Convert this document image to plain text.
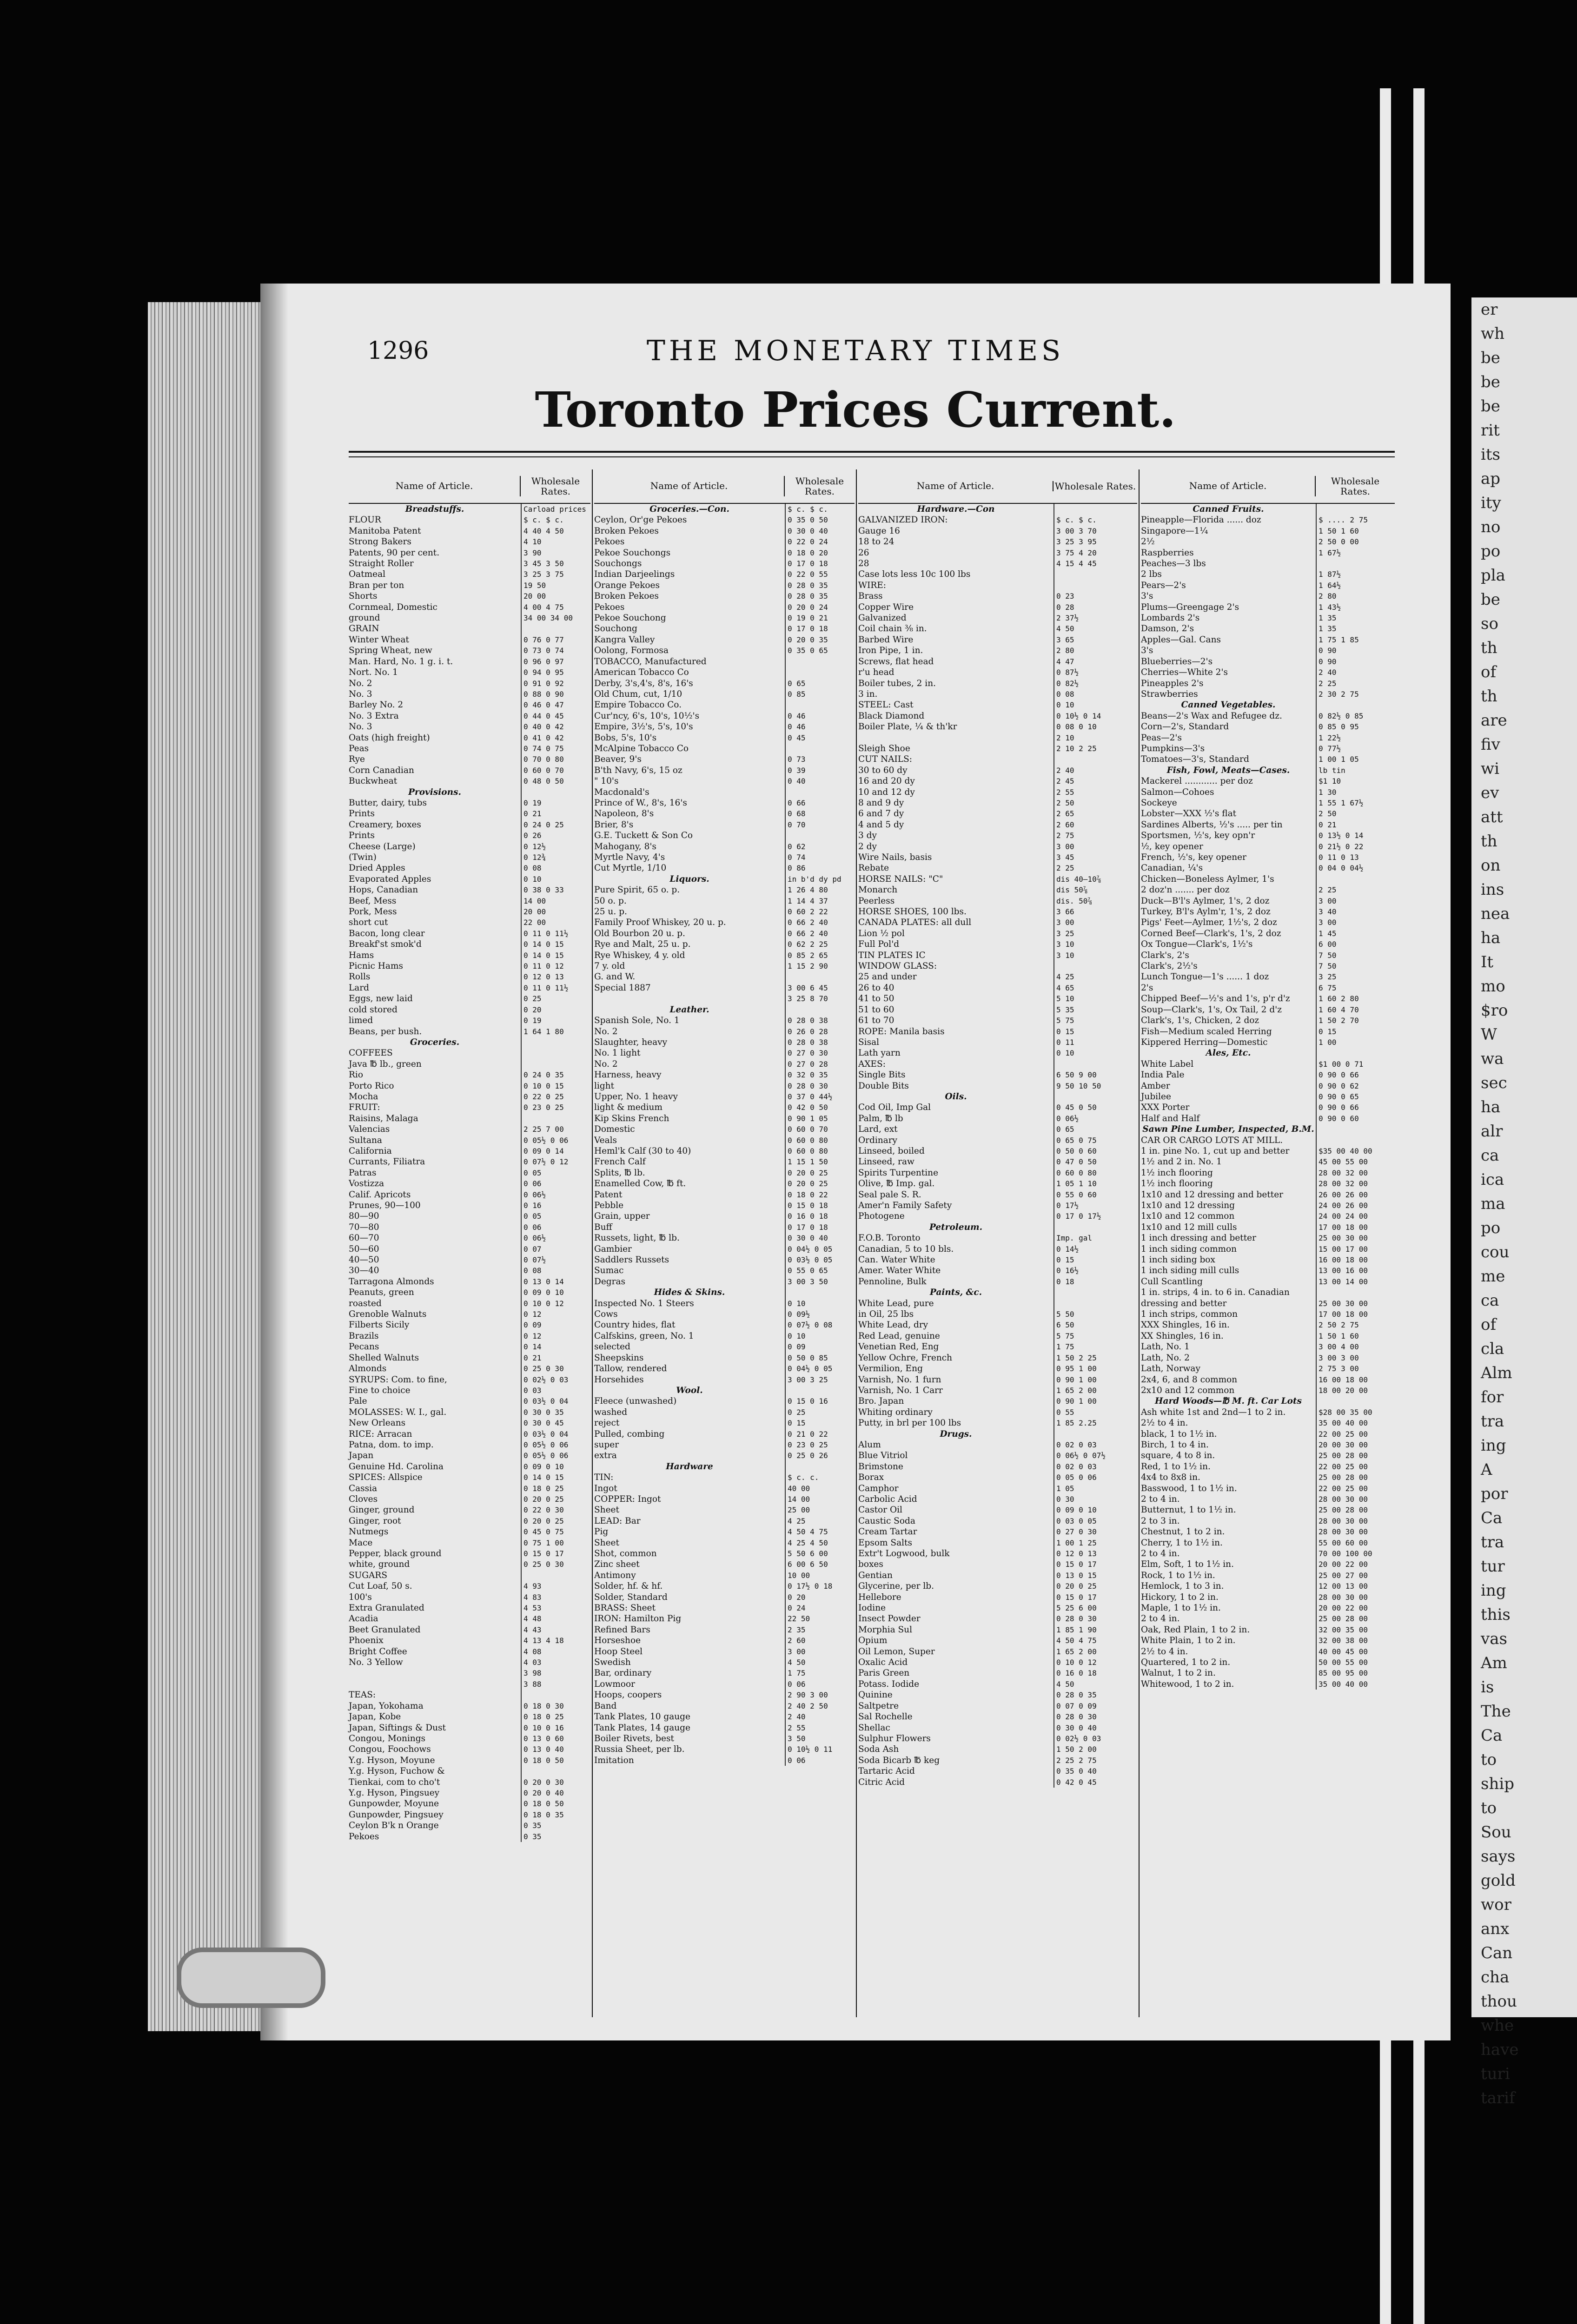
er
wh
be
be
be
rit
its
ap
ity
no
po
pla
be
so
th
of
th
are
fiv
wi
ev
att
th
on
ins
nea
ha
It
mo
$ro
W
wa
sec
ha
alr
ca
ica
ma
po
cou
me
ca
of
cla
Alm
for
tra
ing
A
por
Ca
tra
tur
ing
this
vas
Am
is
The
Ca
to
ship
to
Sou
says
gold
wor
anx
Can
cha
thou
whe
have
turi
tarif
1296	THE MONETARY TIMES
Toronto Prices Current.
Name of Article.	Wholesale Rates.
Breadstuffs.	Carload prices
FLOUR	$ c. $ c.
Manitoba Patent	4 40 4 50
Strong Bakers	4 10
Patents, 90 per cent.	3 90
Straight Roller	3 45 3 50
Oatmeal	3 25 3 75
Bran per ton	19 50
Shorts	20 00
Cornmeal, Domestic	4 00 4 75
ground	34 00 34 00
GRAIN
Winter Wheat	0 76 0 77
Spring Wheat, new	0 73 0 74
Man. Hard, No. 1 g. i. t.	0 96 0 97
Nort. No. 1	0 94 0 95
No. 2	0 91 0 92
No. 3	0 88 0 90
Barley No. 2	0 46 0 47
No. 3 Extra	0 44 0 45
No. 3	0 40 0 42
Oats (high freight)	0 41 0 42
Peas	0 74 0 75
Rye	0 70 0 80
Corn Canadian	0 60 0 70
Buckwheat	0 48 0 50
Provisions.
Butter, dairy, tubs	0 19
Prints	0 21
Creamery, boxes	0 24 0 25
Prints	0 26
Cheese (Large)	0 12½
(Twin)	0 12¾
Dried Apples	0 08
Evaporated Apples	0 10
Hops, Canadian	0 38 0 33
Beef, Mess	14 00
Pork, Mess	20 00
short cut	22 00
Bacon, long clear	0 11 0 11½
Breakf'st smok'd	0 14 0 15
Hams	0 14 0 15
Picnic Hams	0 11 0 12
Rolls	0 12 0 13
Lard	0 11 0 11½
Eggs, new laid	0 25
cold stored	0 20
limed	0 19
Beans, per bush.	1 64 1 80
Groceries.
COFFEES
Java ℔ lb., green
Rio	0 24 0 35
Porto Rico	0 10 0 15
Mocha	0 22 0 25
FRUIT:	0 23 0 25
Raisins, Malaga
Valencias	2 25 7 00
Sultana	0 05½ 0 06
California	0 09 0 14
Currants, Filiatra	0 07½ 0 12
Patras	0 05
Vostizza	0 06
Calif. Apricots	0 06½
Prunes, 90—100	0 16
80—90	0 05
70—80	0 06
60—70	0 06½
50—60	0 07
40—50	0 07½
30—40	0 08
Tarragona Almonds	0 13 0 14
Peanuts, green	0 09 0 10
roasted	0 10 0 12
Grenoble Walnuts	0 12
Filberts Sicily	0 09
Brazils	0 12
Pecans	0 14
Shelled Walnuts	0 21
Almonds	0 25 0 30
SYRUPS: Com. to fine,	0 02½ 0 03
Fine to choice	0 03
Pale	0 03½ 0 04
MOLASSES: W. I., gal.	0 30 0 35
New Orleans	0 30 0 45
RICE: Arracan	0 03½ 0 04
Patna, dom. to imp.	0 05½ 0 06
Japan	0 05½ 0 06
Genuine Hd. Carolina	0 09 0 10
SPICES: Allspice	0 14 0 15
Cassia	0 18 0 25
Cloves	0 20 0 25
Ginger, ground	0 22 0 30
Ginger, root	0 20 0 25
Nutmegs	0 45 0 75
Mace	0 75 1 00
Pepper, black ground	0 15 0 17
white, ground	0 25 0 30
SUGARS
Cut Loaf, 50 s.	4 93
100's	4 83
Extra Granulated	4 53
Acadia	4 48
Beet Granulated	4 43
Phoenix	4 13 4 18
Bright Coffee	4 08
No. 3 Yellow	4 03
3 98
3 88
TEAS:
Japan, Yokohama	0 18 0 30
Japan, Kobe	0 18 0 25
Japan, Siftings & Dust	0 10 0 16
Congou, Monings	0 13 0 60
Congou, Foochows	0 13 0 40
Y.g. Hyson, Moyune	0 18 0 50
Y.g. Hyson, Fuchow &
Tienkai, com to cho't	0 20 0 30
Y.g. Hyson, Pingsuey	0 20 0 40
Gunpowder, Moyune	0 18 0 50
Gunpowder, Pingsuey	0 18 0 35
Ceylon B'k n Orange	0 35
Pekoes	0 35
Name of Article.	Wholesale Rates.
Groceries.—Con.	$ c. $ c.
Ceylon, Or'ge Pekoes	0 35 0 50
Broken Pekoes	0 30 0 40
Pekoes	0 22 0 24
Pekoe Souchongs	0 18 0 20
Souchongs	0 17 0 18
Indian Darjeelings	0 22 0 55
Orange Pekoes	0 28 0 35
Broken Pekoes	0 28 0 35
Pekoes	0 20 0 24
Pekoe Souchong	0 19 0 21
Souchong	0 17 0 18
Kangra Valley	0 20 0 35
Oolong, Formosa	0 35 0 65
TOBACCO, Manufactured
American Tobacco Co
Derby, 3's,4's, 8's, 16's	0 65
Old Chum, cut, 1/10	0 85
Empire Tobacco Co.
Cur'ncy, 6's, 10's, 10½'s	0 46
Empire, 3½'s, 5's, 10's	0 46
Bobs, 5's, 10's	0 45
McAlpine Tobacco Co
Beaver, 9's	0 73
B'th Navy, 6's, 15 oz	0 39
" 10's	0 40
Macdonald's
Prince of W., 8's, 16's	0 66
Napoleon, 8's	0 68
Brier, 8's	0 70
G.E. Tuckett & Son Co
Mahogany, 8's	0 62
Myrtle Navy, 4's	0 74
Cut Myrtle, 1/10	0 86
Liquors.	in b'd dy pd
Pure Spirit, 65 o. p.	1 26 4 80
50 o. p.	1 14 4 37
25 u. p.	0 60 2 22
Family Proof Whiskey, 20 u. p.	0 66 2 40
Old Bourbon 20 u. p.	0 66 2 40
Rye and Malt, 25 u. p.	0 62 2 25
Rye Whiskey, 4 y. old	0 85 2 65
7 y. old	1 15 2 90
G. and W.
Special 1887	3 00 6 45
3 25 8 70
Leather.
Spanish Sole, No. 1	0 28 0 38
No. 2	0 26 0 28
Slaughter, heavy	0 28 0 38
No. 1 light	0 27 0 30
No. 2	0 27 0 28
Harness, heavy	0 32 0 35
light	0 28 0 30
Upper, No. 1 heavy	0 37 0 44½
light & medium	0 42 0 50
Kip Skins French	0 90 1 05
Domestic	0 60 0 70
Veals	0 60 0 80
Heml'k Calf (30 to 40)	0 60 0 80
French Calf	1 15 1 50
Splits, ℔ lb.	0 20 0 25
Enamelled Cow, ℔ ft.	0 20 0 25
Patent	0 18 0 22
Pebble	0 15 0 18
Grain, upper	0 16 0 18
Buff	0 17 0 18
Russets, light, ℔ lb.	0 30 0 40
Gambier	0 04½ 0 05
Saddlers Russets	0 03½ 0 05
Sumac	0 55 0 65
Degras	3 00 3 50
Hides & Skins.
Inspected No. 1 Steers	0 10
Cows	0 09½
Country hides, flat	0 07½ 0 08
Calfskins, green, No. 1	0 10
selected	0 09
Sheepskins	0 50 0 85
Tallow, rendered	0 04½ 0 05
Horsehides	3 00 3 25
Wool.
Fleece (unwashed)	0 15 0 16
washed	0 25
reject	0 15
Pulled, combing	0 21 0 22
super	0 23 0 25
extra	0 25 0 26
Hardware
TIN:	$ c. c.
Ingot	40 00
COPPER: Ingot	14 00
Sheet	25 00
LEAD: Bar	4 25
Pig	4 50 4 75
Sheet	4 25 4 50
Shot, common	5 50 6 00
Zinc sheet	6 00 6 50
Antimony	10 00
Solder, hf. & hf.	0 17½ 0 18
Solder, Standard	0 20
BRASS: Sheet	0 24
IRON: Hamilton Pig	22 50
Refined Bars	2 35
Horseshoe	2 60
Hoop Steel	3 00
Swedish	4 50
Bar, ordinary	1 75
Lowmoor	0 06
Hoops, coopers	2 90 3 00
Band	2 40 2 50
Tank Plates, 10 gauge	2 40
Tank Plates, 14 gauge	2 55
Boiler Rivets, best	3 50
Russia Sheet, per lb.	0 10½ 0 11
Imitation	0 06
Name of Article.	Wholesale Rates.
Hardware.—Con
GALVANIZED IRON:	$ c. $ c.
Gauge 16	3 00 3 70
18 to 24	3 25 3 95
26	3 75 4 20
28	4 15 4 45
Case lots less 10c 100 lbs
WIRE:
Brass	0 23
Copper Wire	0 28
Galvanized	2 37½
Coil chain ⅜ in.	4 50
Barbed Wire	3 65
Iron Pipe, 1 in.	2 80
Screws, flat head	4 47
r'u head	0 87½
Boiler tubes, 2 in.	0 82½
3 in.	0 08
STEEL: Cast	0 10
Black Diamond	0 10½ 0 14
Boiler Plate, ¼ & th'kr	0 08 0 10
2 10
Sleigh Shoe	2 10 2 25
CUT NAILS:
30 to 60 dy	2 40
16 and 20 dy	2 45
10 and 12 dy	2 55
8 and 9 dy	2 50
6 and 7 dy	2 65
4 and 5 dy	2 60
3 dy	2 75
2 dy	3 00
Wire Nails, basis	3 45
Rebate	2 25
HORSE NAILS: "C"	dis 40—10⅞
Monarch	dis 50⅞
Peerless	dis. 50⅞
HORSE SHOES, 100 lbs.	3 66
CANADA PLATES: all dull	3 00
Lion ½ pol	3 25
Full Pol'd	3 10
TIN PLATES IC	3 10
WINDOW GLASS:
25 and under	4 25
26 to 40	4 65
41 to 50	5 10
51 to 60	5 35
61 to 70	5 75
ROPE: Manila basis	0 15
Sisal	0 11
Lath yarn	0 10
AXES:
Single Bits	6 50 9 00
Double Bits	9 50 10 50
Oils.
Cod Oil, Imp Gal	0 45 0 50
Palm, ℔ lb	0 06½
Lard, ext	0 65
Ordinary	0 65 0 75
Linseed, boiled	0 50 0 60
Linseed, raw	0 47 0 50
Spirits Turpentine	0 60 0 80
Olive, ℔ Imp. gal.	1 05 1 10
Seal pale S. R.	0 55 0 60
Amer'n Family Safety	0 17½
Photogene	0 17 0 17½
Petroleum.
F.O.B. Toronto	Imp. gal
Canadian, 5 to 10 bls.	0 14½
Can. Water White	0 15
Amer. Water White	0 16½
Pennoline, Bulk	0 18
Paints, &c.
White Lead, pure
in Oil, 25 lbs	5 50
White Lead, dry	6 50
Red Lead, genuine	5 75
Venetian Red, Eng	1 75
Yellow Ochre, French	1 50 2 25
Vermilion, Eng	0 95 1 00
Varnish, No. 1 furn	0 90 1 00
Varnish, No. 1 Carr	1 65 2 00
Bro. Japan	0 90 1 00
Whiting ordinary	0 55
Putty, in brl per 100 lbs	1 85 2.25
Drugs.
Alum	0 02 0 03
Blue Vitriol	0 06½ 0 07½
Brimstone	0 02 0 03
Borax	0 05 0 06
Camphor	1 05
Carbolic Acid	0 30
Castor Oil	0 09 0 10
Caustic Soda	0 03 0 05
Cream Tartar	0 27 0 30
Epsom Salts	1 00 1 25
Extr't Logwood, bulk	0 12 0 13
boxes	0 15 0 17
Gentian	0 13 0 15
Glycerine, per lb.	0 20 0 25
Hellebore	0 15 0 17
Iodine	5 25 6 00
Insect Powder	0 28 0 30
Morphia Sul	1 85 1 90
Opium	4 50 4 75
Oil Lemon, Super	1 65 2 00
Oxalic Acid	0 10 0 12
Paris Green	0 16 0 18
Potass. Iodide	4 50
Quinine	0 28 0 35
Saltpetre	0 07 0 09
Sal Rochelle	0 28 0 30
Shellac	0 30 0 40
Sulphur Flowers	0 02½ 0 03
Soda Ash	1 50 2 00
Soda Bicarb ℔ keg	2 25 2 75
Tartaric Acid	0 35 0 40
Citric Acid	0 42 0 45
Name of Article.	Wholesale Rates.
Canned Fruits.
Pineapple—Florida ...... doz	$ .... 2 75
Singapore—1¼	1 50 1 60
2½	2 50 0 00
Raspberries	1 67½
Peaches—3 lbs
2 lbs	1 87½
Pears—2's	1 64½
3's	2 80
Plums—Greengage 2's	1 43½
Lombards 2's	1 35
Damson, 2's	1 35
Apples—Gal. Cans	1 75 1 85
3's	0 90
Blueberries—2's	0 90
Cherries—White 2's	2 40
Pineapples 2's	2 25
Strawberries	2 30 2 75
Canned Vegetables.
Beans—2's Wax and Refugee dz.	0 82½ 0 85
Corn—2's, Standard	0 85 0 95
Peas—2's	1 22½
Pumpkins—3's	0 77½
Tomatoes—3's, Standard	1 00 1 05
Fish, Fowl, Meats—Cases.	lb tin
Mackerel ............ per doz	$1 10
Salmon—Cohoes	1 30
Sockeye	1 55 1 67½
Lobster—XXX ½'s flat	2 50
Sardines Alberts, ½'s ..... per tin	0 21
Sportsmen, ½'s, key opn'r	0 13½ 0 14
½, key opener	0 21½ 0 22
French, ½'s, key opener	0 11 0 13
Canadian, ¼'s	0 04 0 04½
Chicken—Boneless Aylmer, 1's
2 doz'n ....... per doz	2 25
Duck—B'l's Aylmer, 1's, 2 doz	3 00
Turkey, B'l's Aylm'r, 1's, 2 doz	3 40
Pigs' Feet—Aylmer, 1½'s, 2 doz	3 00
Corned Beef—Clark's, 1's, 2 doz	1 45
Ox Tongue—Clark's, 1½'s	6 00
Clark's, 2's	7 50
Clark's, 2½'s	7 50
Lunch Tongue—1's ...... 1 doz	3 25
2's	6 75
Chipped Beef—½'s and 1's, p'r d'z	1 60 2 80
Soup—Clark's, 1's, Ox Tail, 2 d'z	1 60 4 70
Clark's, 1's, Chicken, 2 doz	1 50 2 70
Fish—Medium scaled Herring	0 15
Kippered Herring—Domestic	1 00
Ales, Etc.
White Label	$1 00 0 71
India Pale	0 90 0 66
Amber	0 90 0 62
Jubilee	0 90 0 65
XXX Porter	0 90 0 66
Half and Half	0 90 0 60
Sawn Pine Lumber, Inspected, B.M.
CAR OR CARGO LOTS AT MILL.
1 in. pine No. 1, cut up and better	$35 00 40 00
1½ and 2 in. No. 1	45 00 55 00
1½ inch flooring	28 00 32 00
1½ inch flooring	28 00 32 00
1x10 and 12 dressing and better	26 00 26 00
1x10 and 12 dressing	24 00 26 00
1x10 and 12 common	24 00 24 00
1x10 and 12 mill culls	17 00 18 00
1 inch dressing and better	25 00 30 00
1 inch siding common	15 00 17 00
1 inch siding box	16 00 18 00
1 inch siding mill culls	13 00 16 00
Cull Scantling	13 00 14 00
1 in. strips, 4 in. to 6 in. Canadian
dressing and better	25 00 30 00
1 inch strips, common	17 00 18 00
XXX Shingles, 16 in.	2 50 2 75
XX Shingles, 16 in.	1 50 1 60
Lath, No. 1	3 00 4 00
Lath, No. 2	3 00 3 00
Lath, Norway	2 75 3 00
2x4, 6, and 8 common	16 00 18 00
2x10 and 12 common	18 00 20 00
Hard Woods—℔ M. ft. Car Lots
Ash white 1st and 2nd—1 to 2 in.	$28 00 35 00
2½ to 4 in.	35 00 40 00
black, 1 to 1½ in.	22 00 25 00
Birch, 1 to 4 in.	20 00 30 00
square, 4 to 8 in.	25 00 28 00
Red, 1 to 1½ in.	22 00 25 00
4x4 to 8x8 in.	25 00 28 00
Basswood, 1 to 1½ in.	22 00 25 00
2 to 4 in.	28 00 30 00
Butternut, 1 to 1½ in.	25 00 28 00
2 to 3 in.	28 00 30 00
Chestnut, 1 to 2 in.	28 00 30 00
Cherry, 1 to 1½ in.	55 00 60 00
2 to 4 in.	70 00 100 00
Elm, Soft, 1 to 1½ in.	20 00 22 00
Rock, 1 to 1½ in.	25 00 27 00
Hemlock, 1 to 3 in.	12 00 13 00
Hickory, 1 to 2 in.	28 00 30 00
Maple, 1 to 1½ in.	20 00 22 00
2 to 4 in.	25 00 28 00
Oak, Red Plain, 1 to 2 in.	32 00 35 00
White Plain, 1 to 2 in.	32 00 38 00
2½ to 4 in.	40 00 45 00
Quartered, 1 to 2 in.	50 00 55 00
Walnut, 1 to 2 in.	85 00 95 00
Whitewood, 1 to 2 in.	35 00 40 00
